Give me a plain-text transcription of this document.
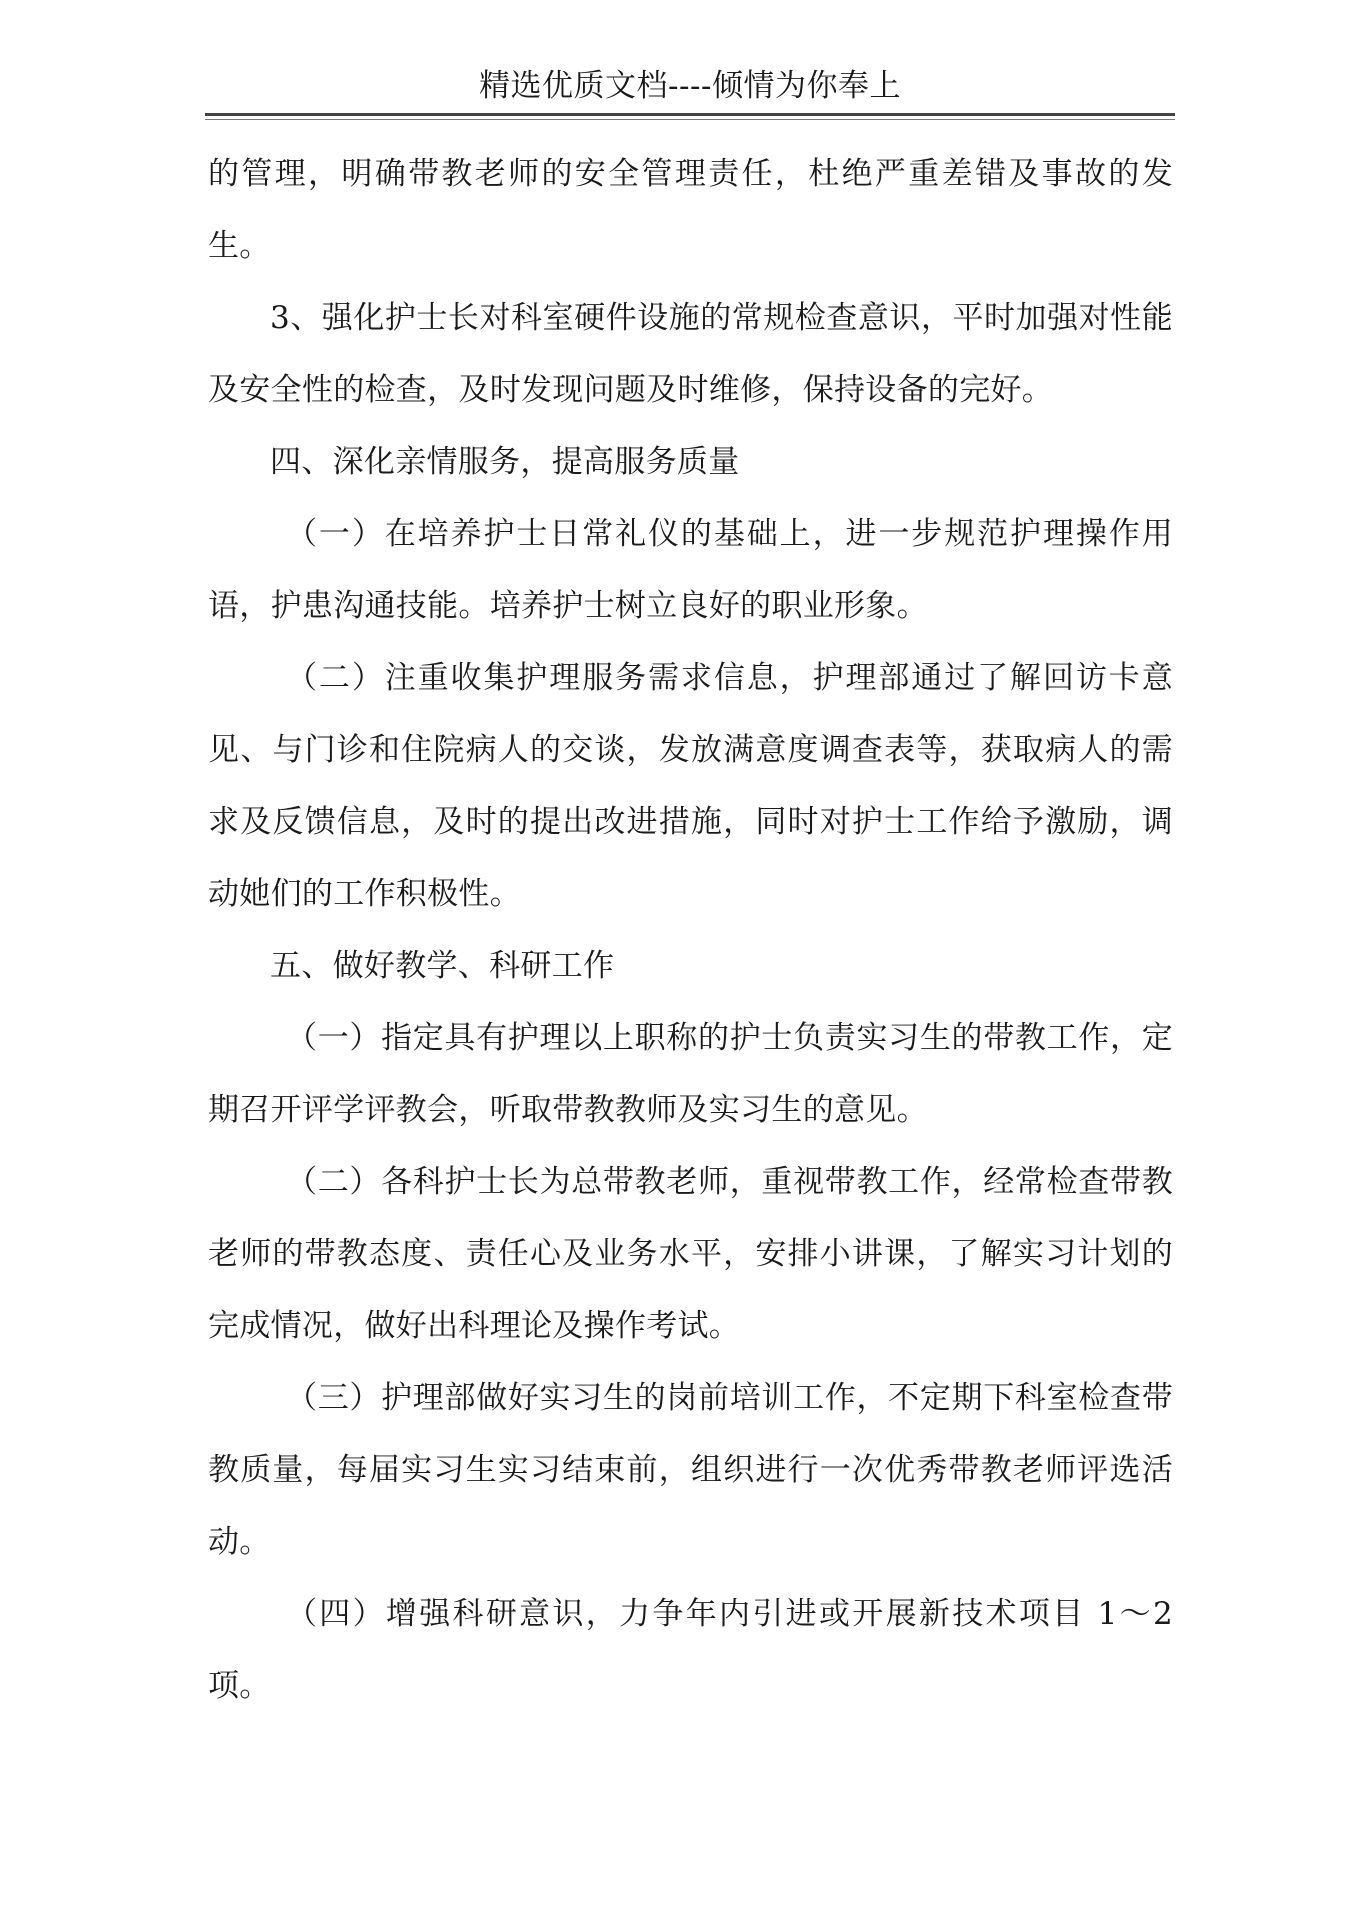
精选优质文档----倾情为你奉上

的管理，明确带教老师的安全管理责任，杜绝严重差错及事故的发生。

3、强化护士长对科室硬件设施的常规检查意识，平时加强对性能及安全性的检查，及时发现问题及时维修，保持设备的完好。

四、深化亲情服务，提高服务质量

（一）在培养护士日常礼仪的基础上，进一步规范护理操作用语，护患沟通技能。培养护士树立良好的职业形象。

（二）注重收集护理服务需求信息，护理部通过了解回访卡意见、与门诊和住院病人的交谈，发放满意度调查表等，获取病人的需求及反馈信息，及时的提出改进措施，同时对护士工作给予激励，调动她们的工作积极性。

五、做好教学、科研工作

（一）指定具有护理以上职称的护士负责实习生的带教工作，定期召开评学评教会，听取带教教师及实习生的意见。

（二）各科护士长为总带教老师，重视带教工作，经常检查带教老师的带教态度、责任心及业务水平，安排小讲课，了解实习计划的完成情况，做好出科理论及操作考试。

（三）护理部做好实习生的岗前培训工作，不定期下科室检查带教质量，每届实习生实习结束前，组织进行一次优秀带教老师评选活动。

（四）增强科研意识，力争年内引进或开展新技术项目 1～2项。
